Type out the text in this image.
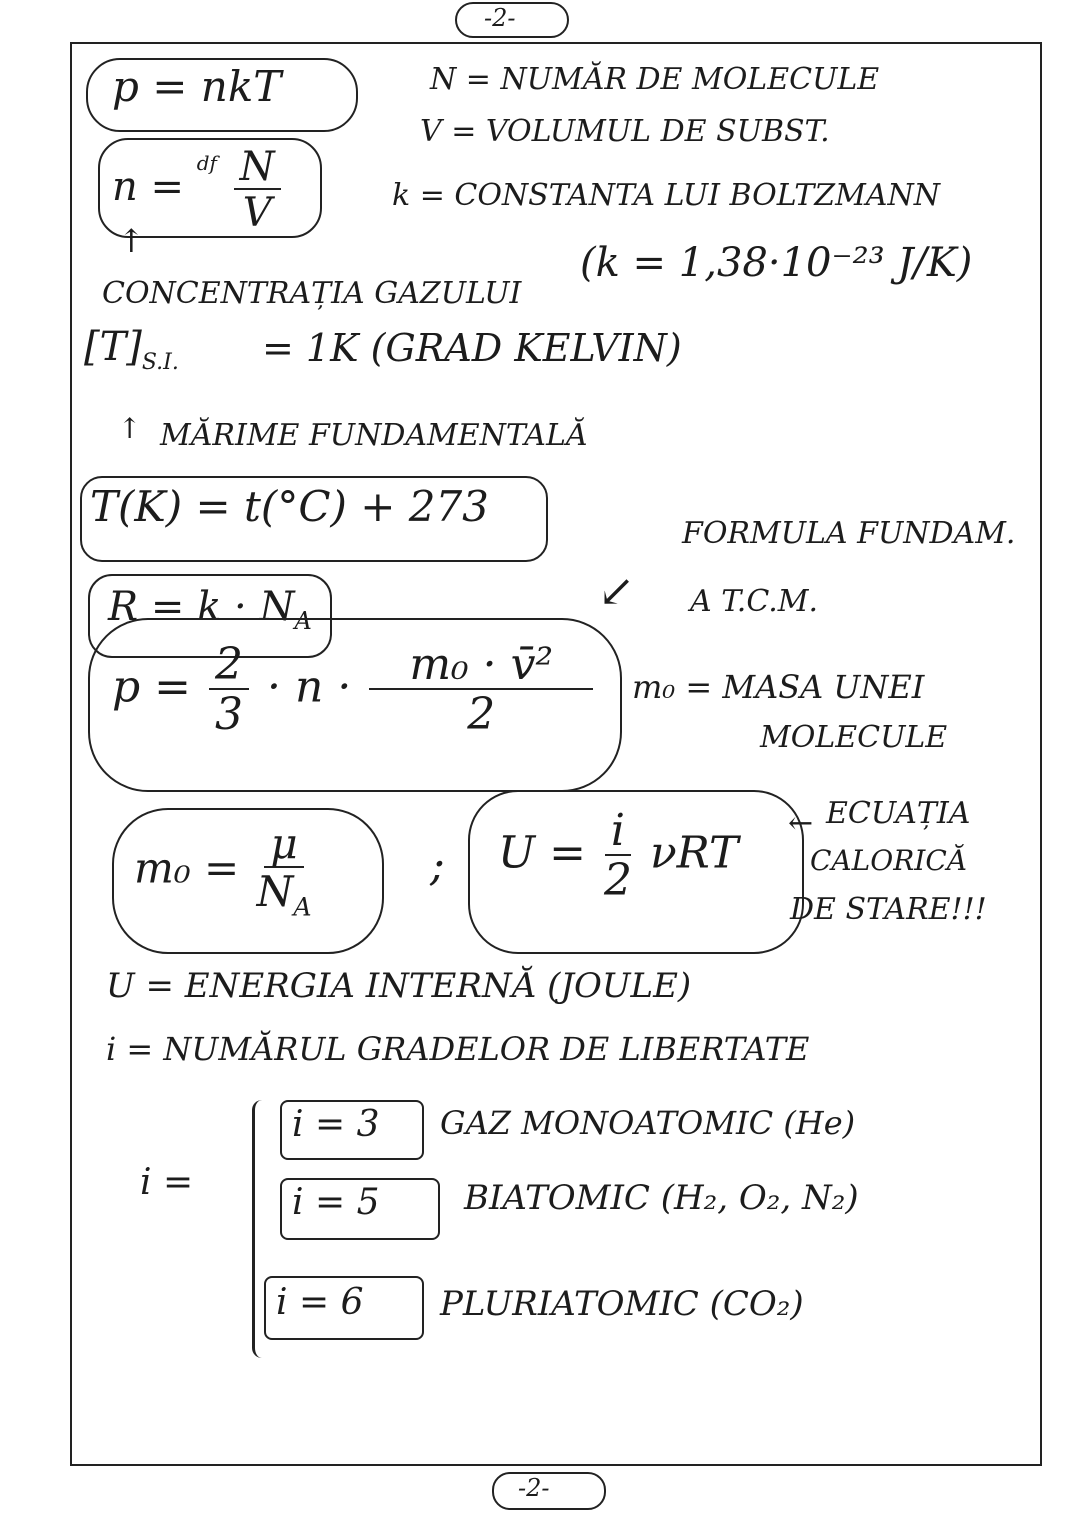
-2-
p = nkT	N = NUMĂR DE MOLECULE
V = VOLUMUL DE SUBST.
k = CONSTANTA LUI BOLTZMANN
$n = ^{df} \frac{N}{V}$
↑
CONCENTRAȚIA GAZULUI
(k = 1,38·10⁻²³ J/K)
$[T]_{S.I.} = 1K$ (GRAD KELVIN)
↑ MĂRIME FUNDAMENTALĂ
T(K) = t(°C) + 273
FORMULA FUNDAM.
A T.C.M.
↙
$R = k \cdot N_A$
$p = \frac{2}{3} \cdot n \cdot \frac{\text{m₀ · v̄²}}{2} m_0$ = MASA UNEI
MOLECULE
$m_0 = \frac{\mu}{N_A}$	; $U = \frac{i}{2}$ νRT
← ECUAȚIA
CALORICĂ
DE STARE!!!
U = ENERGIA INTERNĂ (JOULE)
i = NUMĂRUL GRADELOR DE LIBERTATE
i =
i = 3 GAZ MONOATOMIC (He)
i = 5 BIATOMIC (H₂, O₂, N₂)
i = 6 PLURIATOMIC (CO₂)
-2-
